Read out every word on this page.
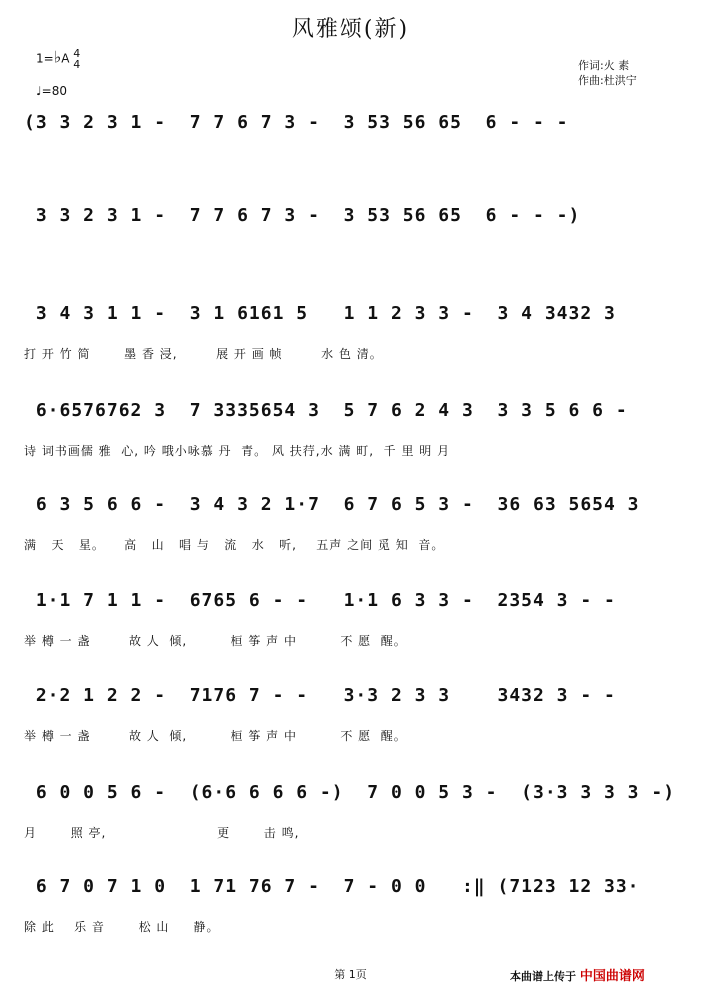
风雅颂(新)
1=♭A 4
4
♩=80
作词:火 素
作曲:杜洪宁
(3 3 2 3 1 -  7 7 6 7 3 -  3 53 56 65  6 - - -
3 3 2 3 1 -  7 7 6 7 3 -  3 53 56 65  6 - - -)
3 4 3 1 1 -  3 1 6161 5   1 1 2 3 3 -  3 4 3432 3
打 开 竹 简       墨 香 浸,        展 开 画 帧        水 色 清。
6·6576762 3  7 3335654 3  5 7 6 2 4 3  3 3 5 6 6 -
诗 词书画儒 雅  心, 吟 哦小咏慕 丹  青。 风 扶荇,水 满 町,  千 里 明 月
6 3 5 6 6 -  3 4 3 2 1·7  6 7 6 5 3 -  36 63 5654 3
满   天   星。    高   山   唱 与   流   水   听,    五声 之间 觅 知  音。
1·1 7 1 1 -  6765 6 - -   1·1 6 3 3 -  2354 3 - -
举 樽 一 盏        故 人  倾,         桓 筝 声 中         不 愿  醒。
2·2 1 2 2 -  7176 7 - -   3·3 2 3 3    3432 3 - -
举 樽 一 盏        故 人  倾,         桓 筝 声 中         不 愿  醒。
6 0 0 5 6 -  (6·6 6 6 6 -)  7 0 0 5 3 -  (3·3 3 3 3 -)
月       照 亭,                       更       击 鸣,
6 7 0 7 1 0  1 71 76 7 -  7 - 0 0   :‖ (7123 12 33·
除 此    乐 音       松 山     静。
第 1页	本曲谱上传于 中国曲谱网
